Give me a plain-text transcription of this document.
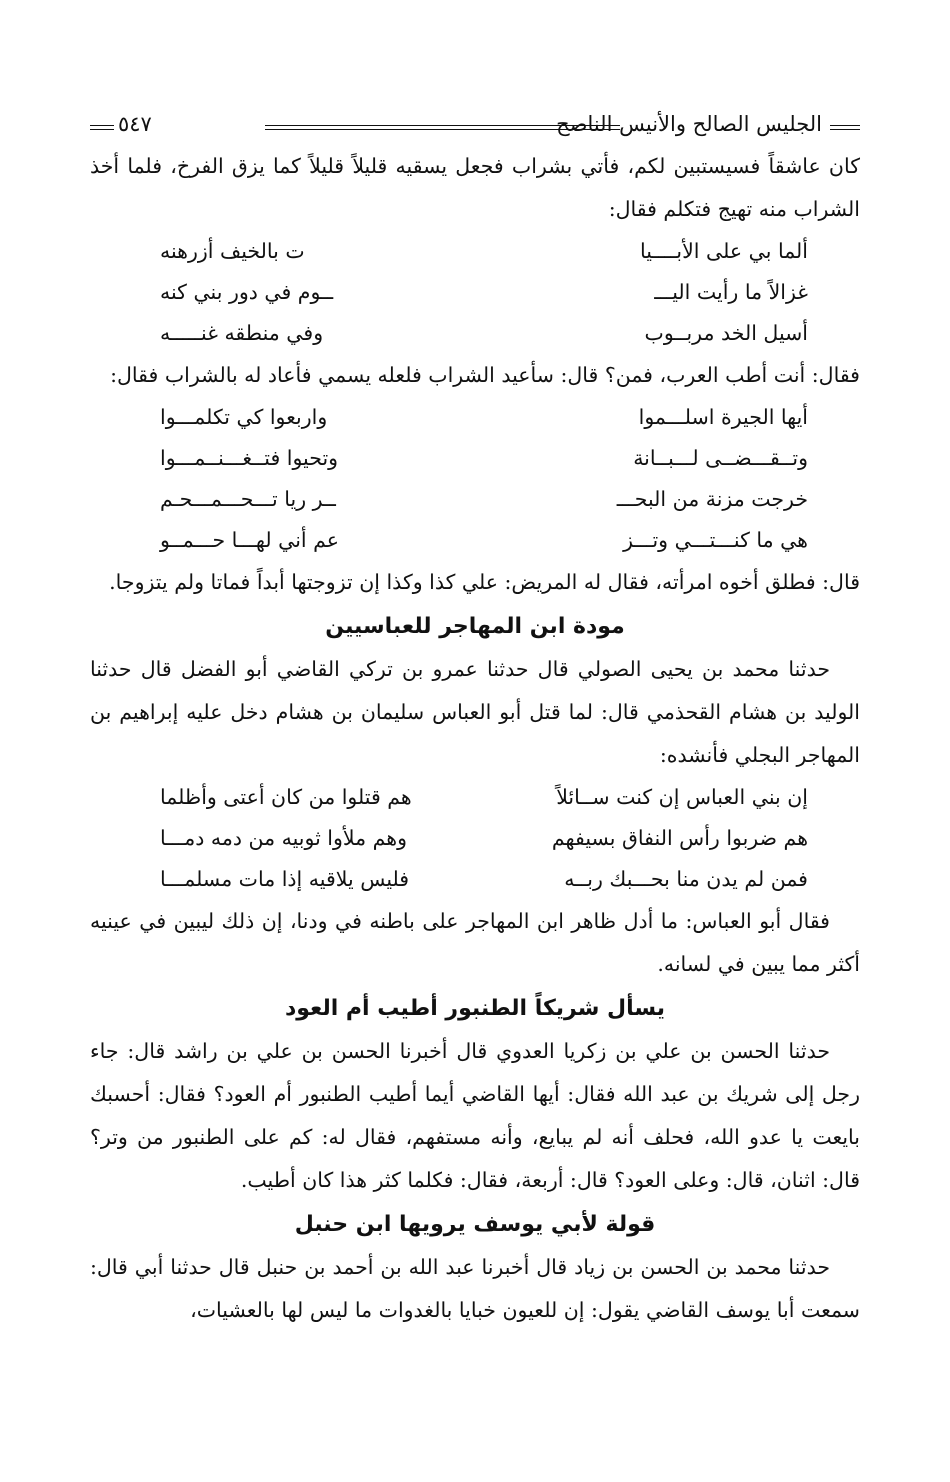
الجليس الصالح والأنيس الناصح
٥٤٧

كان عاشقاً فسيستبين لكم، فأتي بشراب فجعل يسقيه قليلاً قليلاً كما يزق الفرخ، فلما أخذ الشراب منه تهيج فتكلم فقال:

ألما بي على الأبــــيا
ت بالخيف أزرهنه
غزالاً ما رأيت اليـــ
ــوم في دور بني كنه
أسيل الخد مربــوب
وفي منطقه غنـــــه

فقال: أنت أطب العرب، فمن؟ قال: سأعيد الشراب فلعله يسمي فأعاد له بالشراب فقال:

أيها الجيرة اسلـــموا
واربعوا كي تكلمـــوا
وتــقـــضــى لـــبــانة
وتحيوا فتــغـــنــمـــوا
خرجت مزنة من البحـــ
ــر ريا تـــحـــمـــحـم
هي ما كنـــتـــي وتـــز
عم أني لهـــا حـــمــو

قال: فطلق أخوه امرأته، فقال له المريض: علي كذا وكذا إن تزوجتها أبداً فماتا ولم يتزوجا.

مودة ابن المهاجر للعباسيين

حدثنا محمد بن يحيى الصولي قال حدثنا عمرو بن تركي القاضي أبو الفضل قال حدثنا الوليد بن هشام القحذمي قال: لما قتل أبو العباس سليمان بن هشام دخل عليه إبراهيم بن المهاجر البجلي فأنشده:

إن بني العباس إن كنت ســائلاً
هم قتلوا من كان أعتى وأظلما
هم ضربوا رأس النفاق بسيفهم
وهم ملأوا ثوبيه من دمه دمـــا
فمن لم يدن منا بحـــبك ربــه
فليس يلاقيه إذا مات مسلمـــا

فقال أبو العباس: ما أدل ظاهر ابن المهاجر على باطنه في ودنا، إن ذلك ليبين في عينيه أكثر مما يبين في لسانه.

يسأل شريكاً الطنبور أطيب أم العود

حدثنا الحسن بن علي بن زكريا العدوي قال أخبرنا الحسن بن علي بن راشد قال: جاء رجل إلى شريك بن عبد الله فقال: أيها القاضي أيما أطيب الطنبور أم العود؟ فقال: أحسبك بايعت يا عدو الله، فحلف أنه لم يبايع، وأنه مستفهم، فقال له: كم على الطنبور من وتر؟ قال: اثنان، قال: وعلى العود؟ قال: أربعة، فقال: فكلما كثر هذا كان أطيب.

قولة لأبي يوسف يرويها ابن حنبل

حدثنا محمد بن الحسن بن زياد قال أخبرنا عبد الله بن أحمد بن حنبل قال حدثنا أبي قال: سمعت أبا يوسف القاضي يقول: إن للعيون خبايا بالغدوات ما ليس لها بالعشيات،
